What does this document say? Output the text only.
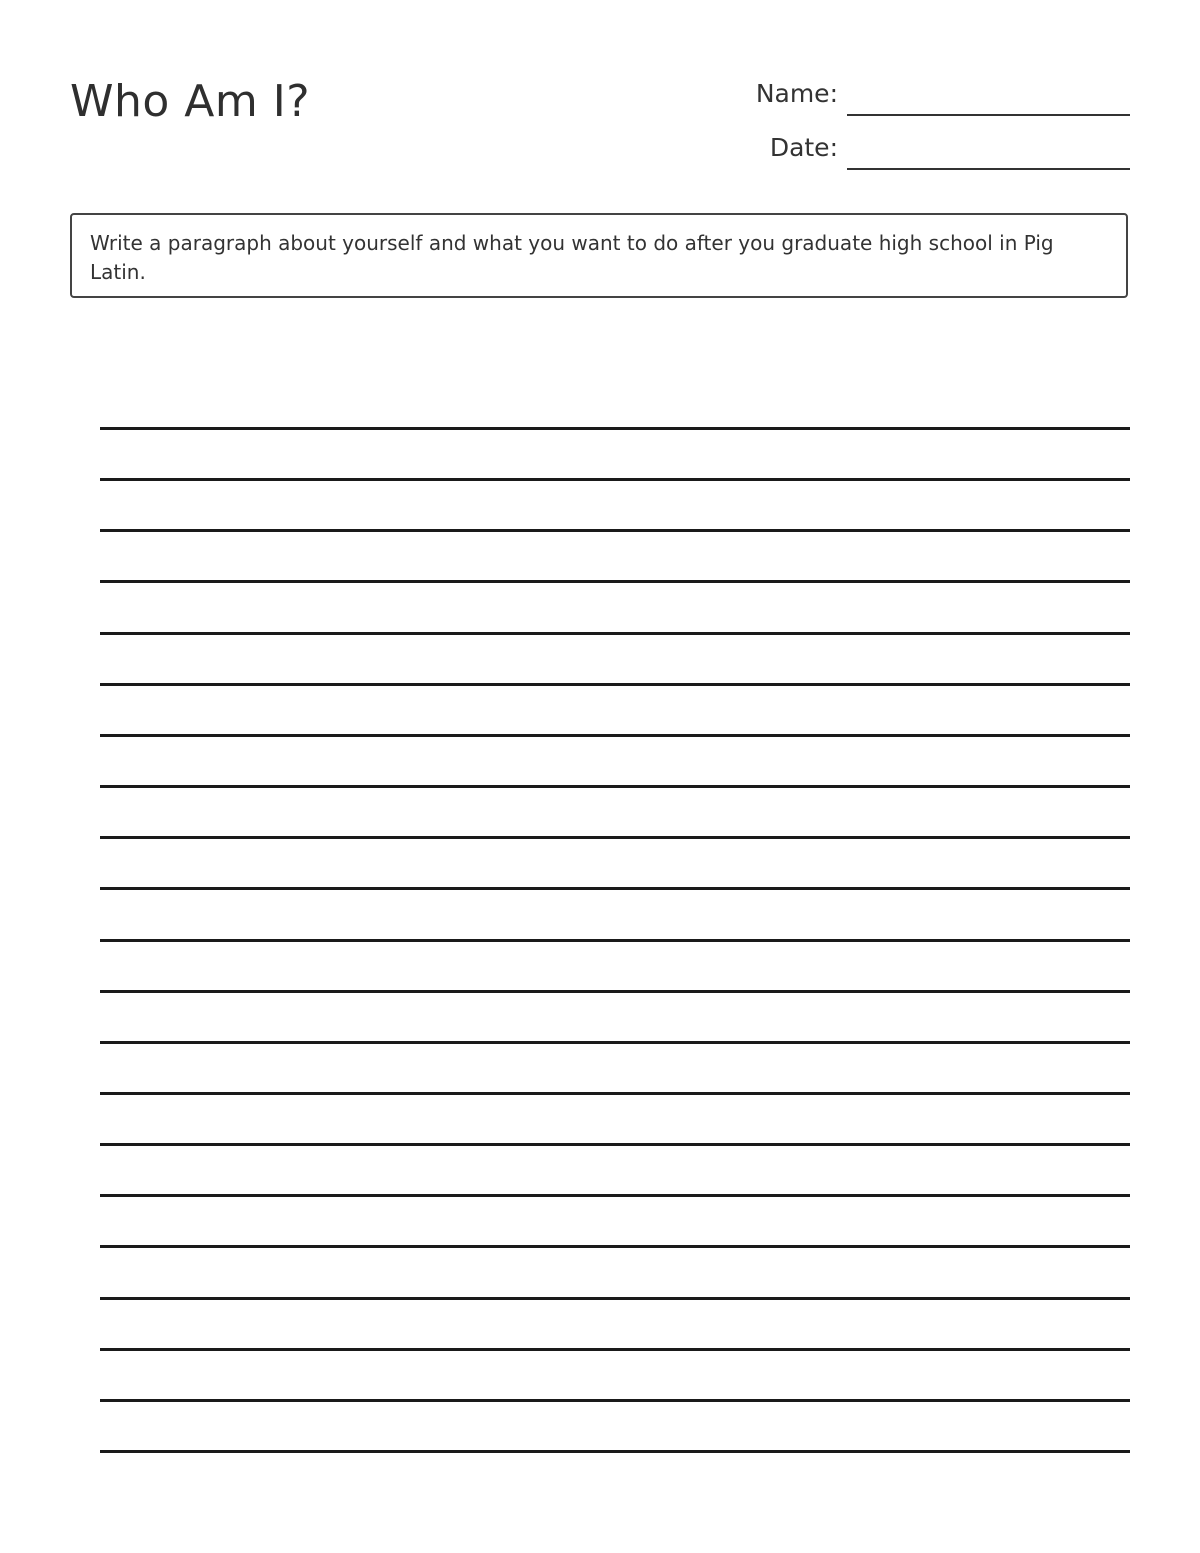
Who Am I?	Name:
Date:
Write a paragraph about yourself and what you want to do after you graduate high school in Pig Latin.
